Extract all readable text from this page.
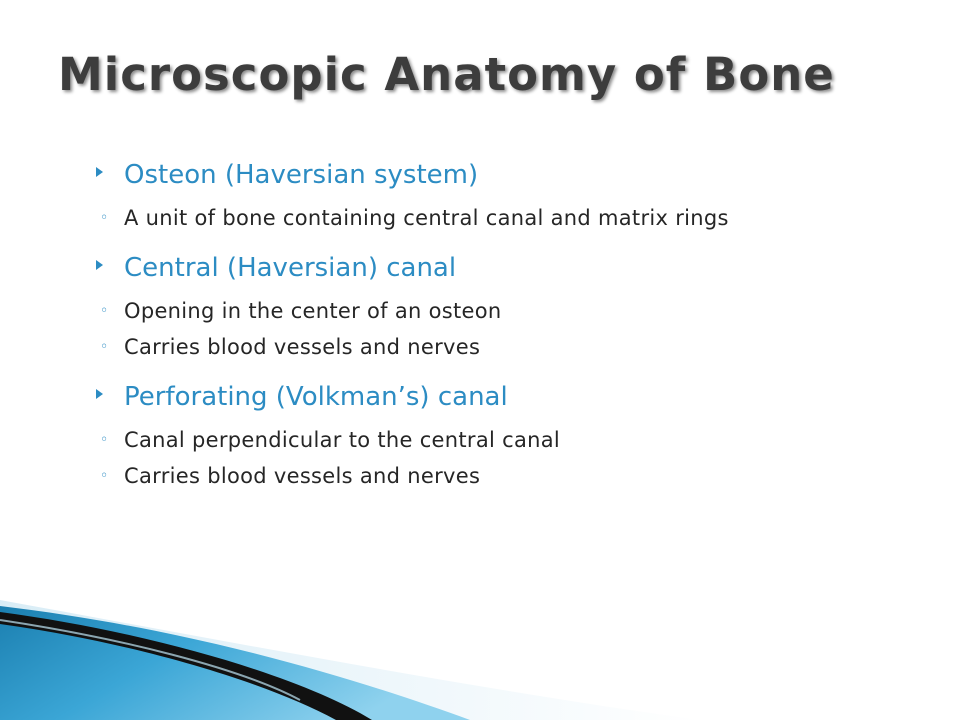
Microscopic Anatomy of Bone
Osteon (Haversian system)
◦ A unit of bone containing central canal and matrix rings
Central (Haversian) canal
◦ Opening in the center of an osteon
◦ Carries blood vessels and nerves
Perforating (Volkman’s) canal
◦ Canal perpendicular to the central canal
◦ Carries blood vessels and nerves
